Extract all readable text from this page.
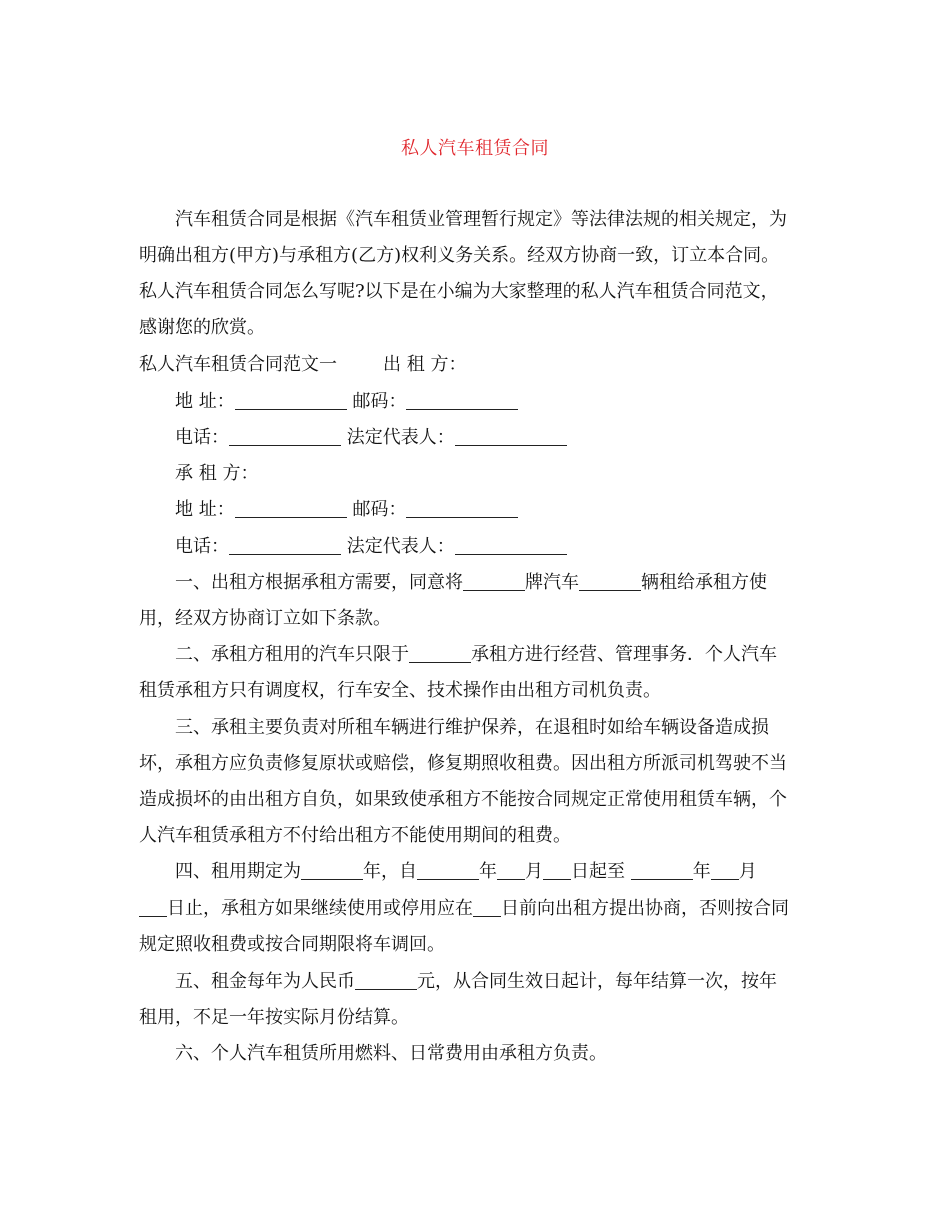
私人汽车租赁合同
汽车租赁合同是根据《汽车租赁业管理暂行规定》等法律法规的相关规定，为
明确出租方(甲方)与承租方(乙方)权利义务关系。经双方协商一致，订立本合同。
私人汽车租赁合同怎么写呢?以下是在小编为大家整理的私人汽车租赁合同范文，
感谢您的欣赏。
私人汽车租赁合同范文一	出 租 方：
地 址：	邮码：
电话：	法定代表人：
承 租 方：
地 址：	邮码：
电话：	法定代表人：
一、出租方根据承租方需要，同意将	牌汽车	辆租给承租方使
用，经双方协商订立如下条款。
二、承租方租用的汽车只限于	承租方进行经营、管理事务．个人汽车
租赁承租方只有调度权，行车安全、技术操作由出租方司机负责。
三、承租主要负责对所租车辆进行维护保养，在退租时如给车辆设备造成损
坏，承租方应负责修复原状或赔偿，修复期照收租费。因出租方所派司机驾驶不当
造成损坏的由出租方自负，如果致使承租方不能按合同规定正常使用租赁车辆，个
人汽车租赁承租方不付给出租方不能使用期间的租费。
四、租用期定为	年，自	年 月 日起至	年 月
日止，承租方如果继续使用或停用应在 日前向出租方提出协商，否则按合同
规定照收租费或按合同期限将车调回。
五、租金每年为人民币	元，从合同生效日起计，每年结算一次，按年
租用，不足一年按实际月份结算。
六、个人汽车租赁所用燃料、日常费用由承租方负责。
